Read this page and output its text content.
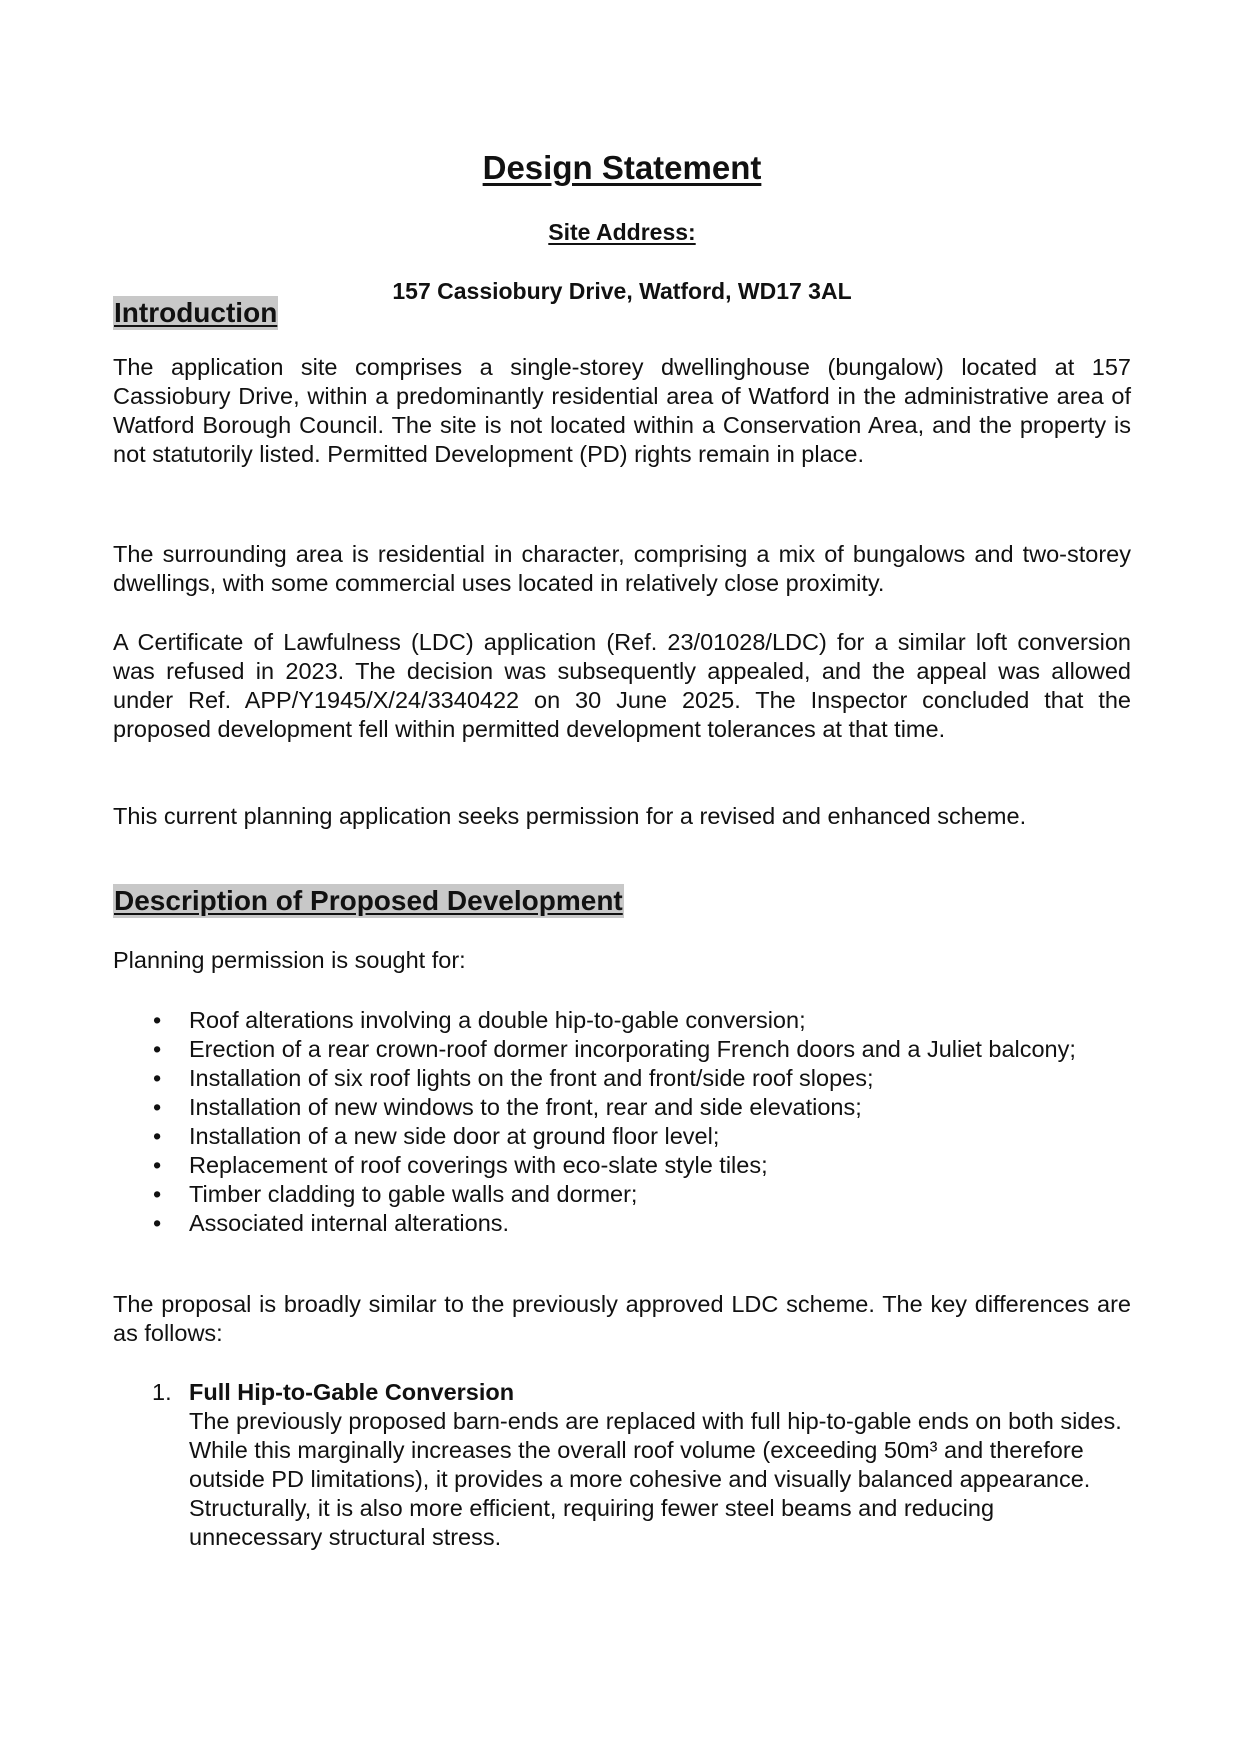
Design Statement
Site Address:
157 Cassiobury Drive, Watford, WD17 3AL
Introduction

The application site comprises a single-storey dwellinghouse (bungalow) located at 157 Cassiobury Drive, within a predominantly residential area of Watford in the administrative area of Watford Borough Council. The site is not located within a Conservation Area, and the property is not statutorily listed. Permitted Development (PD) rights remain in place.

The surrounding area is residential in character, comprising a mix of bungalows and two-storey dwellings, with some commercial uses located in relatively close proximity.

A Certificate of Lawfulness (LDC) application (Ref. 23/01028/LDC) for a similar loft conversion was refused in 2023. The decision was subsequently appealed, and the appeal was allowed under Ref. APP/Y1945/X/24/3340422 on 30 June 2025. The Inspector concluded that the proposed development fell within permitted development tolerances at that time.

This current planning application seeks permission for a revised and enhanced scheme.

Description of Proposed Development

Planning permission is sought for:

• Roof alterations involving a double hip-to-gable conversion;
• Erection of a rear crown-roof dormer incorporating French doors and a Juliet balcony;
• Installation of six roof lights on the front and front/side roof slopes;
• Installation of new windows to the front, rear and side elevations;
• Installation of a new side door at ground floor level;
• Replacement of roof coverings with eco-slate style tiles;
• Timber cladding to gable walls and dormer;
• Associated internal alterations.

The proposal is broadly similar to the previously approved LDC scheme. The key differences are as follows:

1. Full Hip-to-Gable Conversion
The previously proposed barn-ends are replaced with full hip-to-gable ends on both sides. While this marginally increases the overall roof volume (exceeding 50m³ and therefore outside PD limitations), it provides a more cohesive and visually balanced appearance. Structurally, it is also more efficient, requiring fewer steel beams and reducing unnecessary structural stress.
